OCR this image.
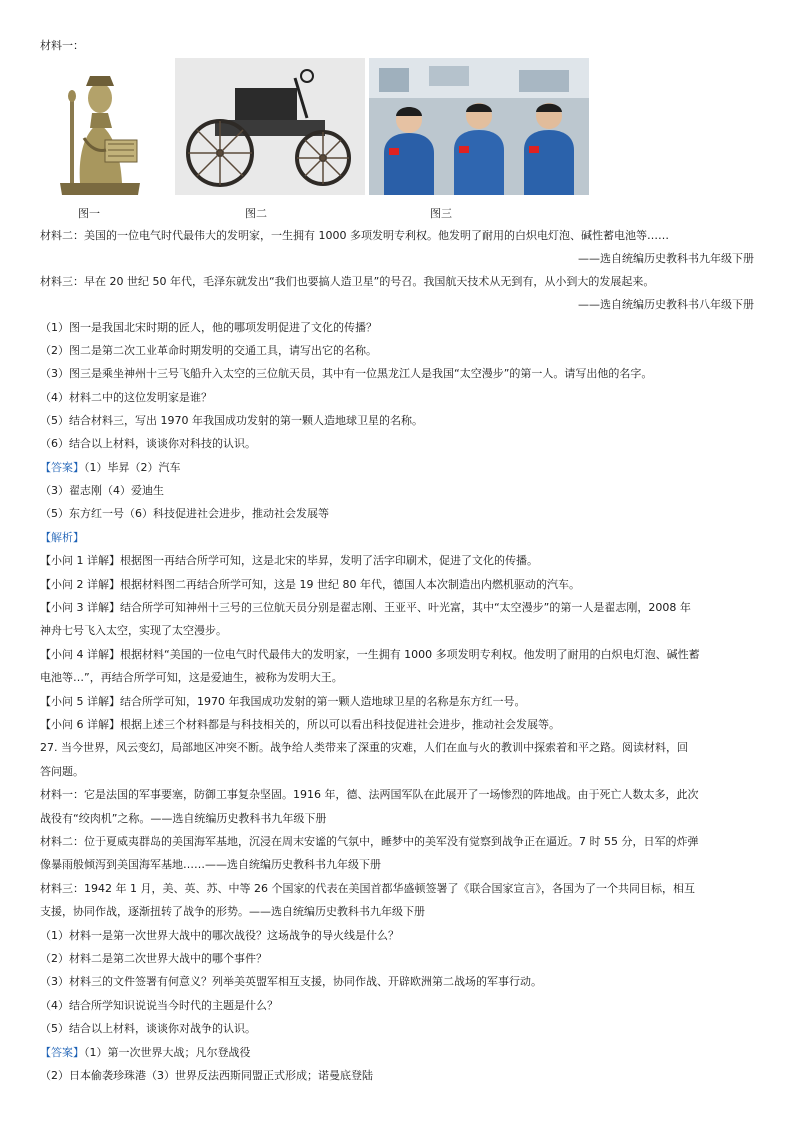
材料一：
图一	图二	图三
材料二：美国的一位电气时代最伟大的发明家，一生拥有 1000 多项发明专利权。他发明了耐用的白炽电灯泡、碱性蓄电池等……
——选自统编历史教科书九年级下册
材料三：早在 20 世纪 50 年代，毛泽东就发出“我们也要搞人造卫星”的号召。我国航天技术从无到有，从小到大的发展起来。
——选自统编历史教科书八年级下册
（1）图一是我国北宋时期的匠人，他的哪项发明促进了文化的传播？
（2）图二是第二次工业革命时期发明的交通工具，请写出它的名称。
（3）图三是乘坐神州十三号飞船升入太空的三位航天员，其中有一位黑龙江人是我国“太空漫步”的第一人。请写出他的名字。
（4）材料二中的这位发明家是谁？
（5）结合材料三，写出 1970 年我国成功发射的第一颗人造地球卫星的名称。
（6）结合以上材料，谈谈你对科技的认识。
【答案】（1）毕昇（2）汽车
（3）翟志刚（4）爱迪生
（5）东方红一号（6）科技促进社会进步，推动社会发展等
【解析】
【小问 1 详解】根据图一再结合所学可知，这是北宋的毕昇，发明了活字印刷术，促进了文化的传播。
【小问 2 详解】根据材料图二再结合所学可知，这是 19 世纪 80 年代，德国人本次制造出内燃机驱动的汽车。
【小问 3 详解】结合所学可知神州十三号的三位航天员分别是翟志刚、王亚平、叶光富，其中“太空漫步”的第一人是翟志刚，2008 年
神舟七号飞入太空，实现了太空漫步。
【小问 4 详解】根据材料“美国的一位电气时代最伟大的发明家，一生拥有 1000 多项发明专利权。他发明了耐用的白炽电灯泡、碱性蓄
电池等…”，再结合所学可知，这是爱迪生，被称为发明大王。
【小问 5 详解】结合所学可知，1970 年我国成功发射的第一颗人造地球卫星的名称是东方红一号。
【小问 6 详解】根据上述三个材料都是与科技相关的，所以可以看出科技促进社会进步，推动社会发展等。
27. 当今世界，风云变幻，局部地区冲突不断。战争给人类带来了深重的灾难，人们在血与火的教训中探索着和平之路。阅读材料，回
答问题。
材料一：它是法国的军事要塞，防御工事复杂坚固。1916 年，德、法两国军队在此展开了一场惨烈的阵地战。由于死亡人数太多，此次
战役有“绞肉机”之称。——选自统编历史教科书九年级下册
材料二：位于夏威夷群岛的美国海军基地，沉浸在周末安谧的气氛中，睡梦中的美军没有觉察到战争正在逼近。7 时 55 分，日军的炸弹
像暴雨般倾泻到美国海军基地……——选自统编历史教科书九年级下册
材料三：1942 年 1 月，美、英、苏、中等 26 个国家的代表在美国首都华盛顿签署了《联合国家宣言》，各国为了一个共同目标，相互
支援，协同作战，逐渐扭转了战争的形势。——选自统编历史教科书九年级下册
（1）材料一是第一次世界大战中的哪次战役？这场战争的导火线是什么？
（2）材料二是第二次世界大战中的哪个事件？
（3）材料三的文件签署有何意义？列举美英盟军相互支援，协同作战、开辟欧洲第二战场的军事行动。
（4）结合所学知识说说当今时代的主题是什么？
（5）结合以上材料，谈谈你对战争的认识。
【答案】（1）第一次世界大战；凡尔登战役
（2）日本偷袭珍珠港（3）世界反法西斯同盟正式形成；诺曼底登陆
